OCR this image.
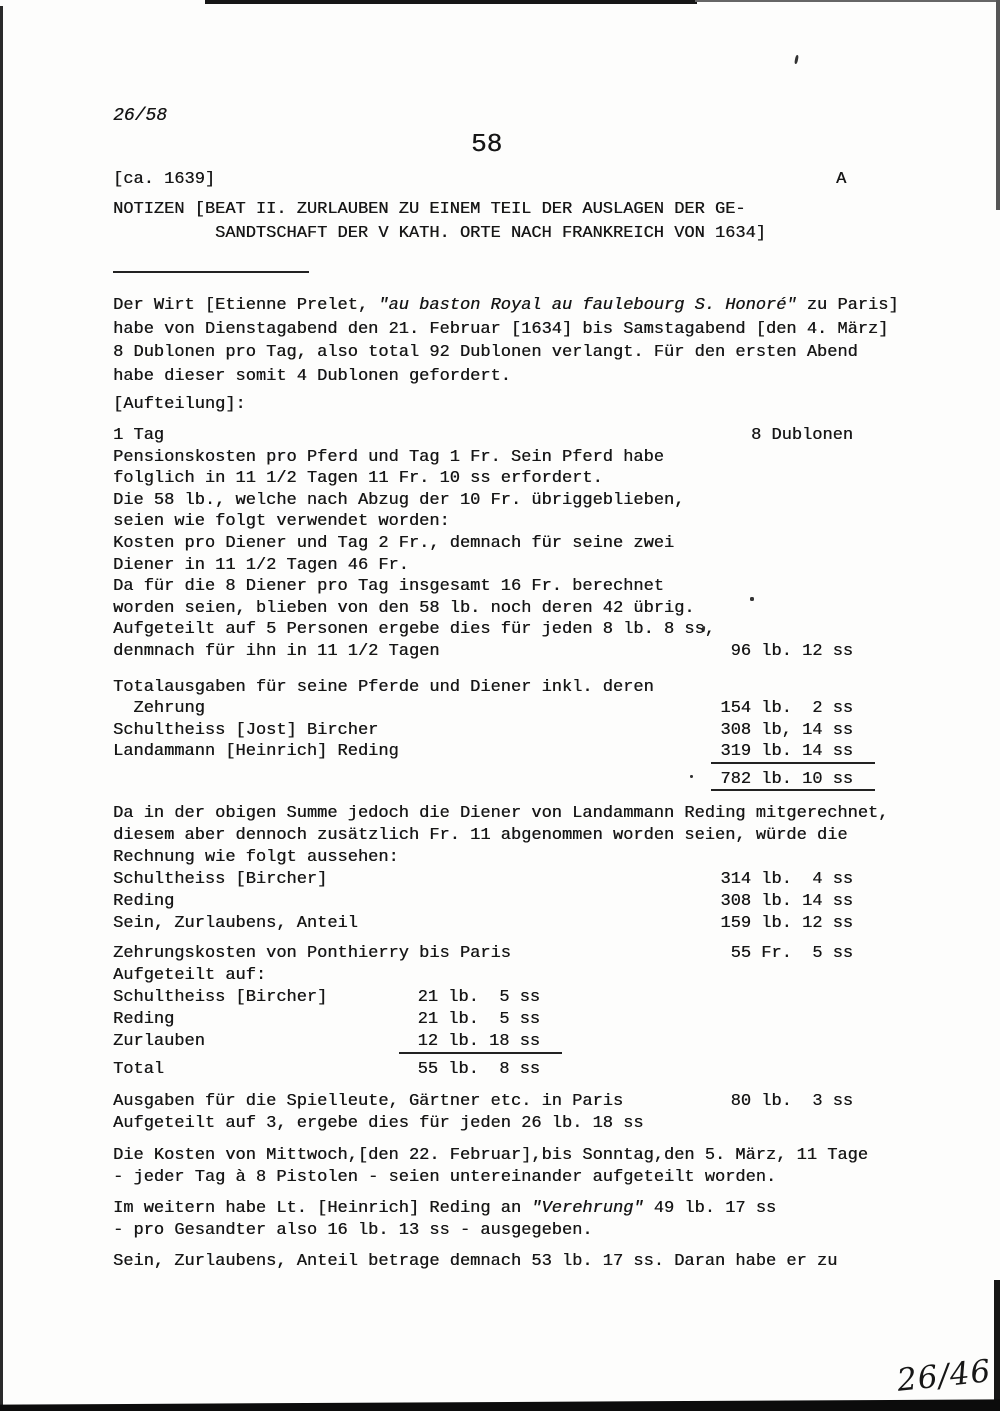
26/58
58
[ca. 1639]	A
NOTIZEN [BEAT II. ZURLAUBEN ZU EINEM TEIL DER AUSLAGEN DER GE-
SANDTSCHAFT DER V KATH. ORTE NACH FRANKREICH VON 1634]
Der Wirt [Etienne Prelet, "au baston Royal au faulebourg S. Honoré" zu Paris]
habe von Dienstagabend den 21. Februar [1634] bis Samstagabend [den 4. März]
8 Dublonen pro Tag, also total 92 Dublonen verlangt. Für den ersten Abend
habe dieser somit 4 Dublonen gefordert.
[Aufteilung]:
1 Tag	8 Dublonen
Pensionskosten pro Pferd und Tag 1 Fr. Sein Pferd habe
folglich in 11 1/2 Tagen 11 Fr. 10 ss erfordert.
Die 58 lb., welche nach Abzug der 10 Fr. übriggeblieben,
seien wie folgt verwendet worden:
Kosten pro Diener und Tag 2 Fr., demnach für seine zwei
Diener in 11 1/2 Tagen 46 Fr.
Da für die 8 Diener pro Tag insgesamt 16 Fr. berechnet
worden seien, blieben von den 58 lb. noch deren 42 übrig.
Aufgeteilt auf 5 Personen ergebe dies für jeden 8 lb. 8 ss,
denmnach für ihn in 11 1/2 Tagen	96 lb. 12 ss
Totalausgaben für seine Pferde und Diener inkl. deren
Zehrung	154 lb.  2 ss
Schultheiss [Jost] Bircher	308 lb, 14 ss
Landammann [Heinrich] Reding	319 lb. 14 ss
782 lb. 10 ss
Da in der obigen Summe jedoch die Diener von Landammann Reding mitgerechnet,
diesem aber dennoch zusätzlich Fr. 11 abgenommen worden seien, würde die
Rechnung wie folgt aussehen:
Schultheiss [Bircher]	314 lb.  4 ss
Reding	308 lb. 14 ss
Sein, Zurlaubens, Anteil	159 lb. 12 ss
Zehrungskosten von Ponthierry bis Paris	55 Fr.  5 ss
Aufgeteilt auf:
Schultheiss [Bircher]	21 lb.  5 ss
Reding	21 lb.  5 ss
Zurlauben	12 lb. 18 ss
Total	55 lb.  8 ss
Ausgaben für die Spielleute, Gärtner etc. in Paris	80 lb.  3 ss
Aufgeteilt auf 3, ergebe dies für jeden 26 lb. 18 ss
Die Kosten von Mittwoch,[den 22. Februar],bis Sonntag,den 5. März, 11 Tage
- jeder Tag à 8 Pistolen - seien untereinander aufgeteilt worden.
Im weitern habe Lt. [Heinrich] Reding an "Verehrung" 49 lb. 17 ss
- pro Gesandter also 16 lb. 13 ss - ausgegeben.
Sein, Zurlaubens, Anteil betrage demnach 53 lb. 17 ss. Daran habe er zu
26/46
